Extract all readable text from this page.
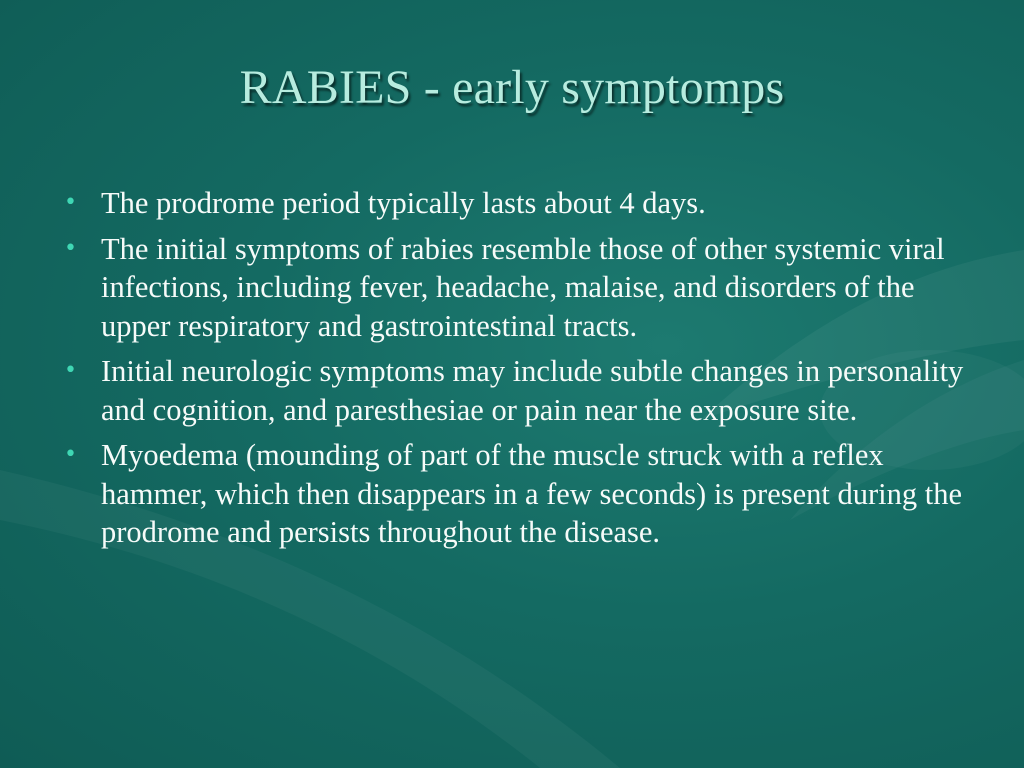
RABIES - early symptomps
• The prodrome period typically lasts about 4 days.
• The initial symptoms of rabies resemble those of other systemic viral infections, including fever, headache, malaise, and disorders of the upper respiratory and gastrointestinal tracts.
• Initial neurologic symptoms may include subtle changes in personality and cognition, and paresthesiae or pain near the exposure site.
• Myoedema (mounding of part of the muscle struck with a reflex hammer, which then disappears in a few seconds) is present during the prodrome and persists throughout the disease.
